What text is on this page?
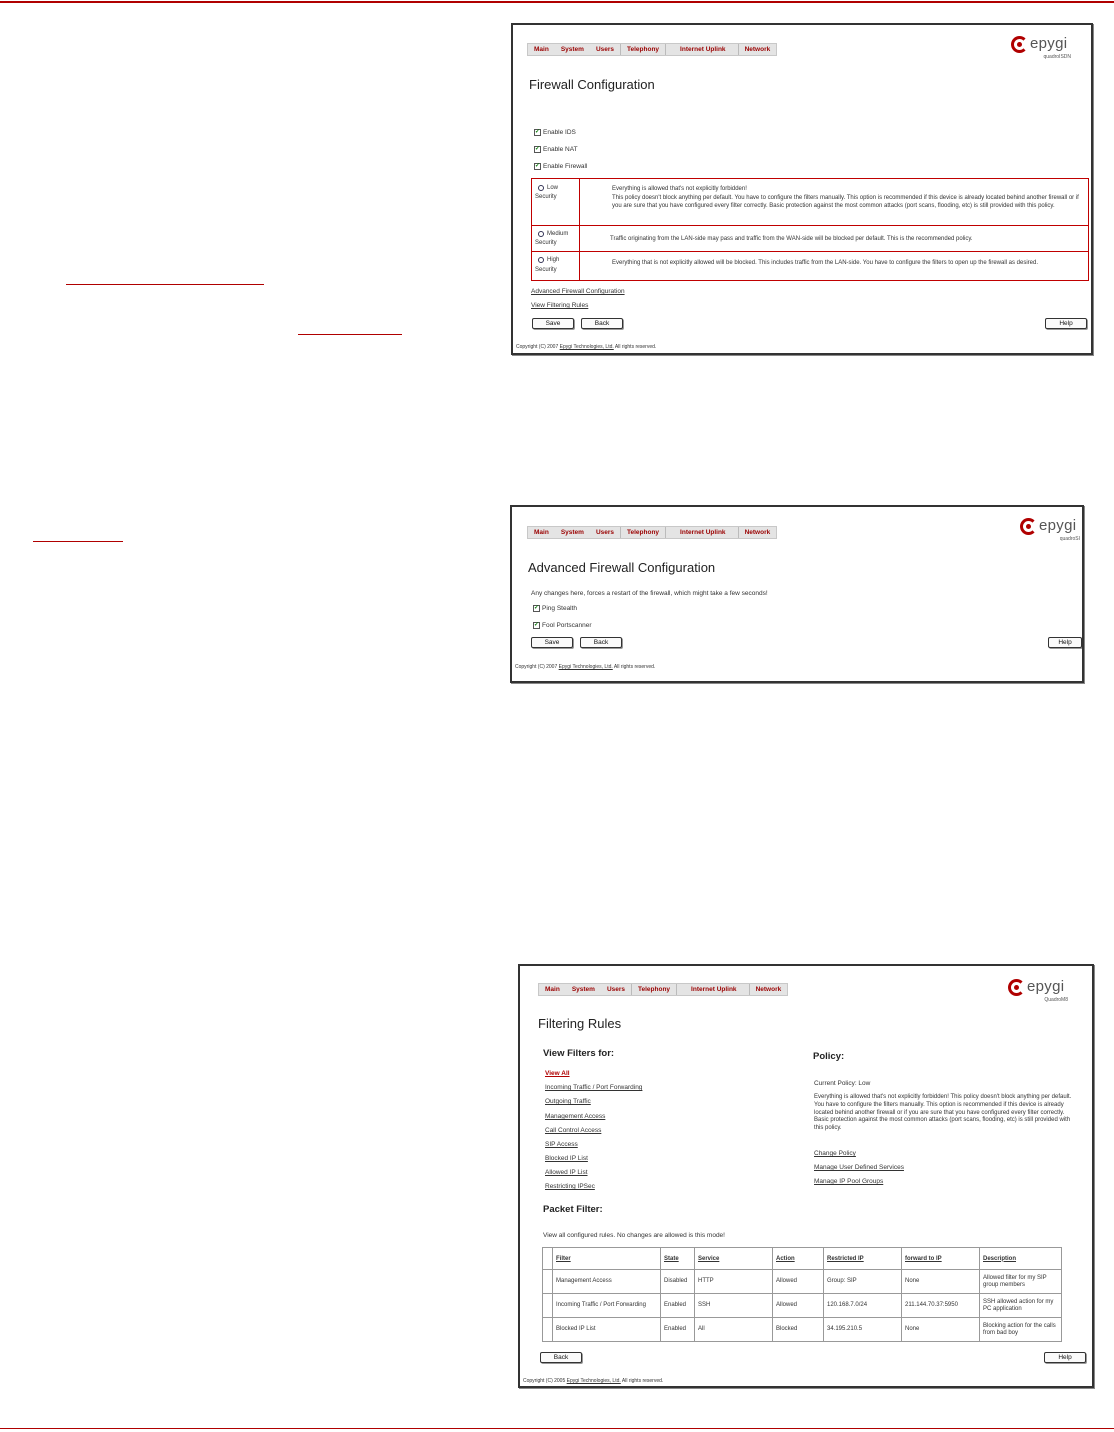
Main	System	Users	Telephony	Internet Uplink	Network	epygi
quadroISDN
Firewall Configuration
✓ Enable IDS
✓ Enable NAT
✓ Enable Firewall
Low
Security
Everything is allowed that's not explicitly forbidden!
This policy doesn't block anything per default. You have to configure the filters manually. This option is recommended if this device is already located behind another firewall or if you are sure that you have configured every filter correctly. Basic protection against the most common attacks (port scans, flooding, etc) is still provided with this policy.
Medium
Security
Traffic originating from the LAN-side may pass and traffic from the WAN-side will be blocked per default. This is the recommended policy.
High
Security
Everything that is not explicitly allowed will be blocked. This includes traffic from the LAN-side. You have to configure the filters to open up the firewall as desired.
Advanced Firewall Configuration
View Filtering Rules
Save	Back	Help
Copyright (C) 2007 Epygi Technologies, Ltd. All rights reserved.
Main	System	Users	Telephony	Internet Uplink	Network	epygi
quadroSI
Advanced Firewall Configuration
Any changes here, forces a restart of the firewall, which might take a few seconds!
✓ Ping Stealth
✓ Fool Portscanner
Save	Back	Help
Copyright (C) 2007 Epygi Technologies, Ltd. All rights reserved.
Main	System	Users	Telephony	Internet Uplink	Network	epygi
QuadroM8
Filtering Rules
View Filters for:
View All
Incoming Traffic / Port Forwarding
Outgoing Traffic
Management Access
Call Control Access
SIP Access
Blocked IP List
Allowed IP List
Restricting IPSec
Policy:
Current Policy: Low
Everything is allowed that's not explicitly forbidden! This policy doesn't block anything per default. You have to configure the filters manually. This option is recommended if this device is already located behind another firewall or if you are sure that you have configured every filter correctly. Basic protection against the most common attacks (port scans, flooding, etc) is still provided with this policy.
Change Policy
Manage User Defined Services
Manage IP Pool Groups
Packet Filter:
View all configured rules. No changes are allowed is this mode!
	Filter	State	Service	Action	Restricted IP	forward to IP	Description
	Management Access	Disabled	HTTP	Allowed	Group: SIP	None	Allowed filter for my SIP group members
	Incoming Traffic / Port Forwarding	Enabled	SSH	Allowed	120.168.7.0/24	211.144.70.37:5950	SSH allowed action for my PC application
	Blocked IP List	Enabled	All	Blocked	34.195.210.5	None	Blocking action for the calls from bad boy
Back	Help
Copyright (C) 2005 Epygi Technologies, Ltd. All rights reserved.
